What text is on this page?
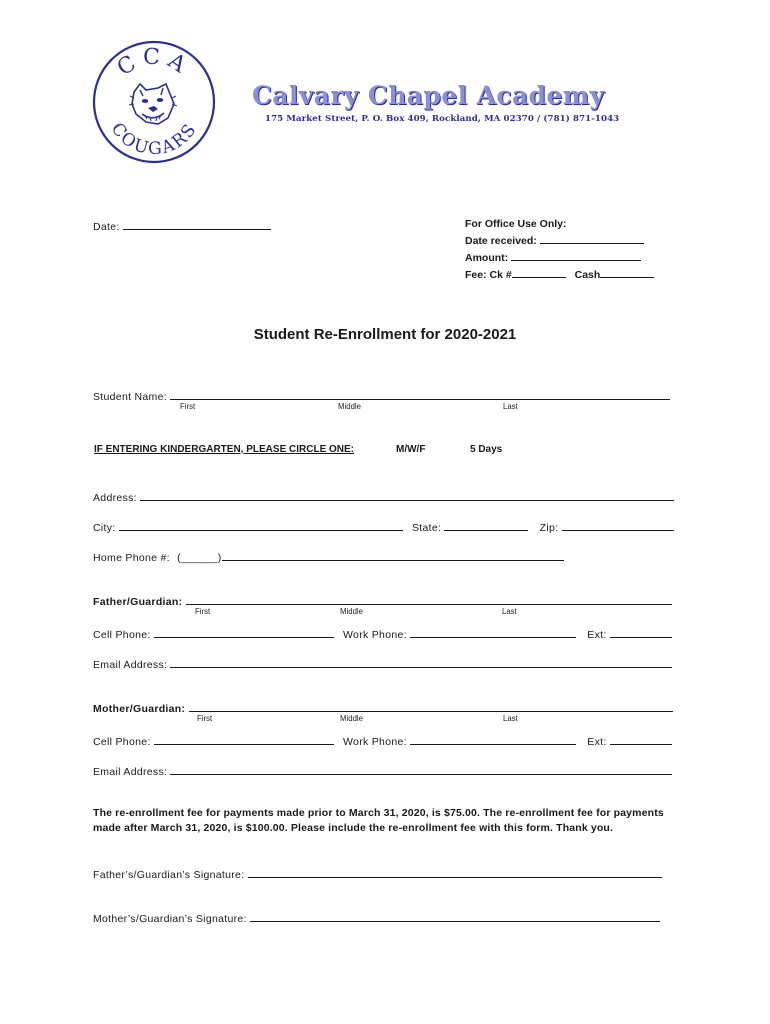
CCA
COUGARS
Calvary Chapel Academy
175 Market Street, P. O. Box 409, Rockland, MA 02370 / (781) 871-1043
Date:	For Office Use Only:
Date received:
Amount:
Fee: Ck #	Cash
Student Re-Enrollment for 2020-2021
Student Name:
First	Middle	Last
IF ENTERING KINDERGARTEN, PLEASE CIRCLE ONE:	M/W/F	5 Days
Address:
City:	State:	Zip:
Home Phone #: (______)
Father/Guardian:
First	Middle	Last
Cell Phone:	Work Phone:	Ext:
Email Address:
Mother/Guardian:
First	Middle	Last
Cell Phone:	Work Phone:	Ext:
Email Address:
The re-enrollment fee for payments made prior to March 31, 2020, is $75.00. The re-enrollment fee for payments made after March 31, 2020, is $100.00. Please include the re-enrollment fee with this form. Thank you.
Father’s/Guardian’s Signature:
Mother’s/Guardian’s Signature:
